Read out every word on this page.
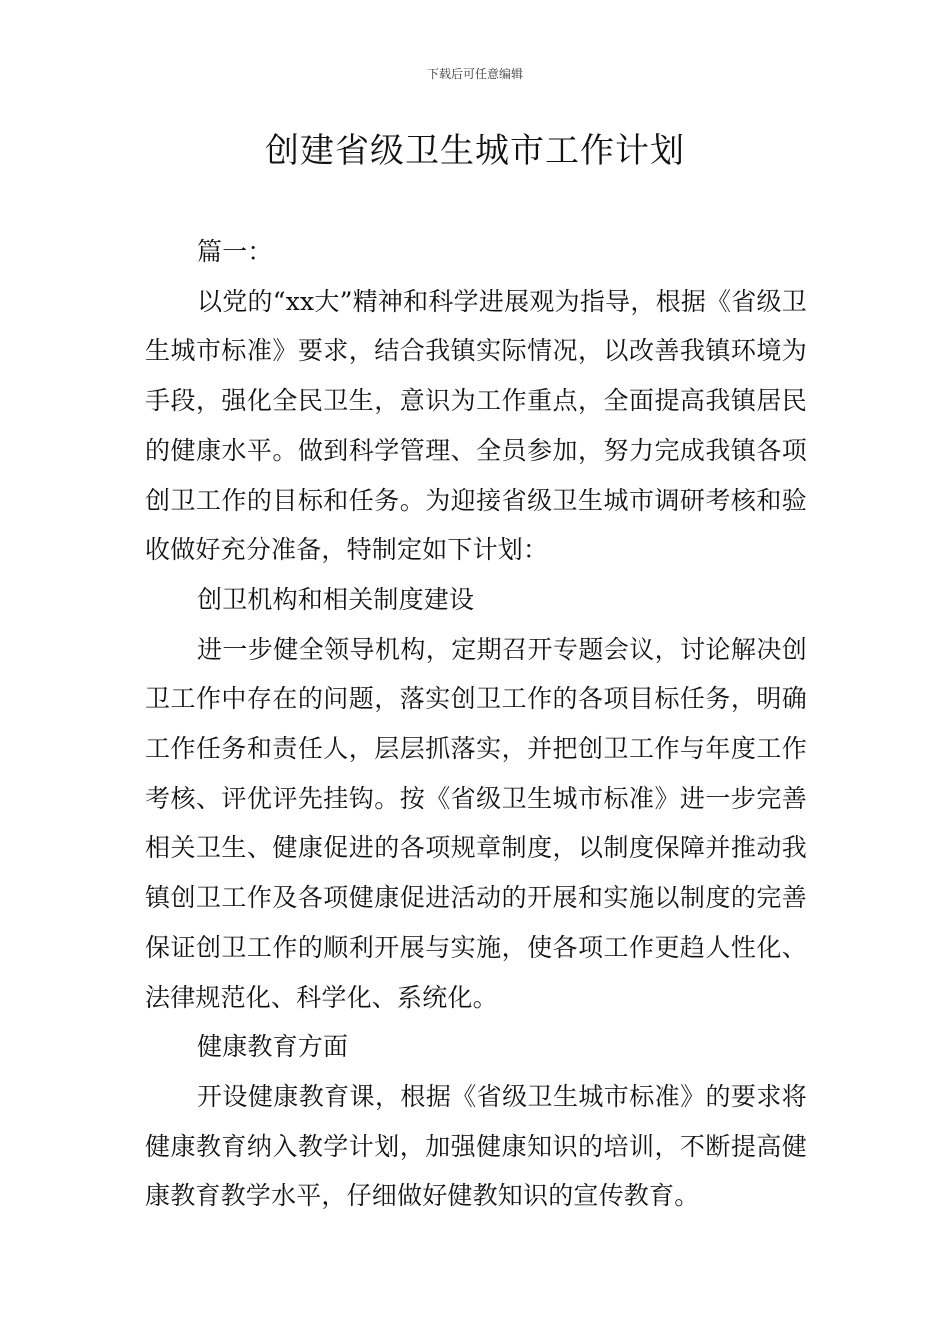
下载后可任意编辑
创建省级卫生城市工作计划

篇一：

以党的“xx大”精神和科学进展观为指导，根据《省级卫生城市标准》要求，结合我镇实际情况，以改善我镇环境为手段，强化全民卫生，意识为工作重点，全面提高我镇居民的健康水平。做到科学管理、全员参加，努力完成我镇各项创卫工作的目标和任务。为迎接省级卫生城市调研考核和验收做好充分准备，特制定如下计划：

创卫机构和相关制度建设

进一步健全领导机构，定期召开专题会议，讨论解决创卫工作中存在的问题，落实创卫工作的各项目标任务，明确工作任务和责任人，层层抓落实，并把创卫工作与年度工作考核、评优评先挂钩。按《省级卫生城市标准》进一步完善相关卫生、健康促进的各项规章制度，以制度保障并推动我镇创卫工作及各项健康促进活动的开展和实施以制度的完善保证创卫工作的顺利开展与实施，使各项工作更趋人性化、法律规范化、科学化、系统化。

健康教育方面

开设健康教育课，根据《省级卫生城市标准》的要求将健康教育纳入教学计划，加强健康知识的培训，不断提高健康教育教学水平，仔细做好健教知识的宣传教育。
